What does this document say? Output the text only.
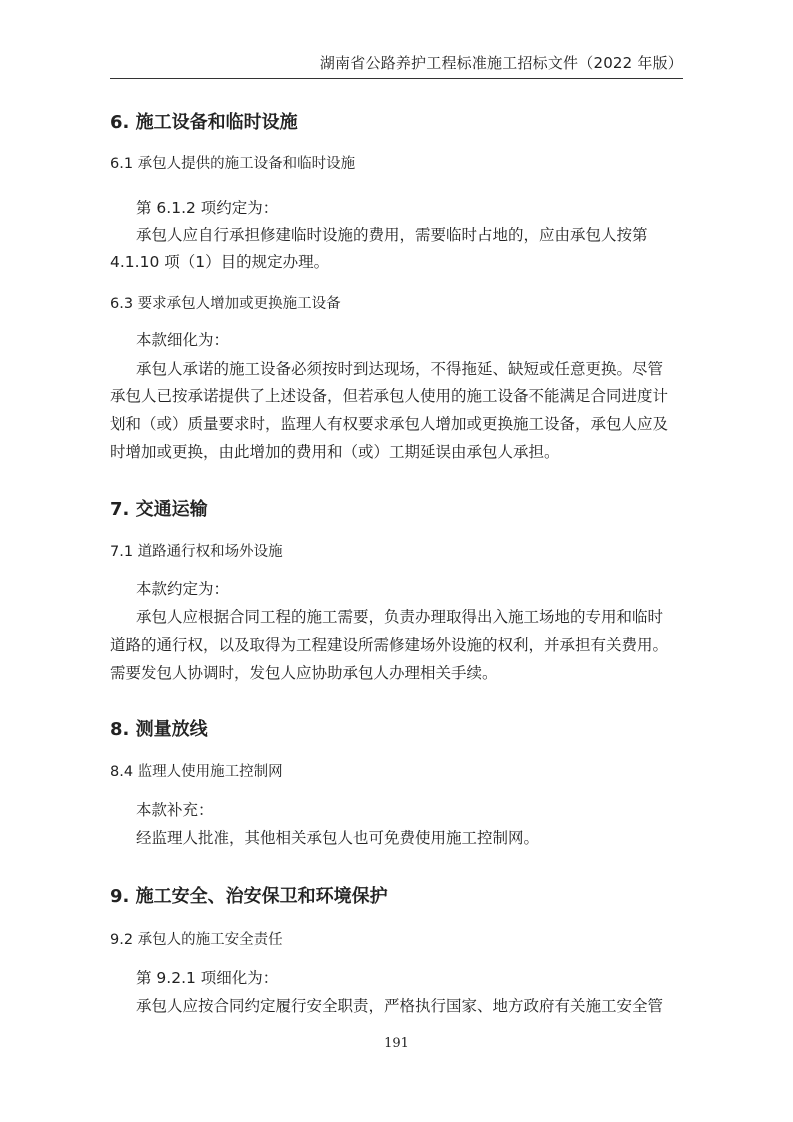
湖南省公路养护工程标准施工招标文件（2022 年版）
6. 施工设备和临时设施
6.1 承包人提供的施工设备和临时设施
第 6.1.2 项约定为：
承包人应自行承担修建临时设施的费用，需要临时占地的，应由承包人按第
4.1.10 项（1）目的规定办理。
6.3 要求承包人增加或更换施工设备
本款细化为：
承包人承诺的施工设备必须按时到达现场，不得拖延、缺短或任意更换。尽管
承包人已按承诺提供了上述设备，但若承包人使用的施工设备不能满足合同进度计
划和（或）质量要求时，监理人有权要求承包人增加或更换施工设备，承包人应及
时增加或更换，由此增加的费用和（或）工期延误由承包人承担。
7. 交通运输
7.1 道路通行权和场外设施
本款约定为：
承包人应根据合同工程的施工需要，负责办理取得出入施工场地的专用和临时
道路的通行权，以及取得为工程建设所需修建场外设施的权利，并承担有关费用。
需要发包人协调时，发包人应协助承包人办理相关手续。
8. 测量放线
8.4 监理人使用施工控制网
本款补充：
经监理人批准，其他相关承包人也可免费使用施工控制网。
9. 施工安全、治安保卫和环境保护
9.2 承包人的施工安全责任
第 9.2.1 项细化为：
承包人应按合同约定履行安全职责，严格执行国家、地方政府有关施工安全管
191
